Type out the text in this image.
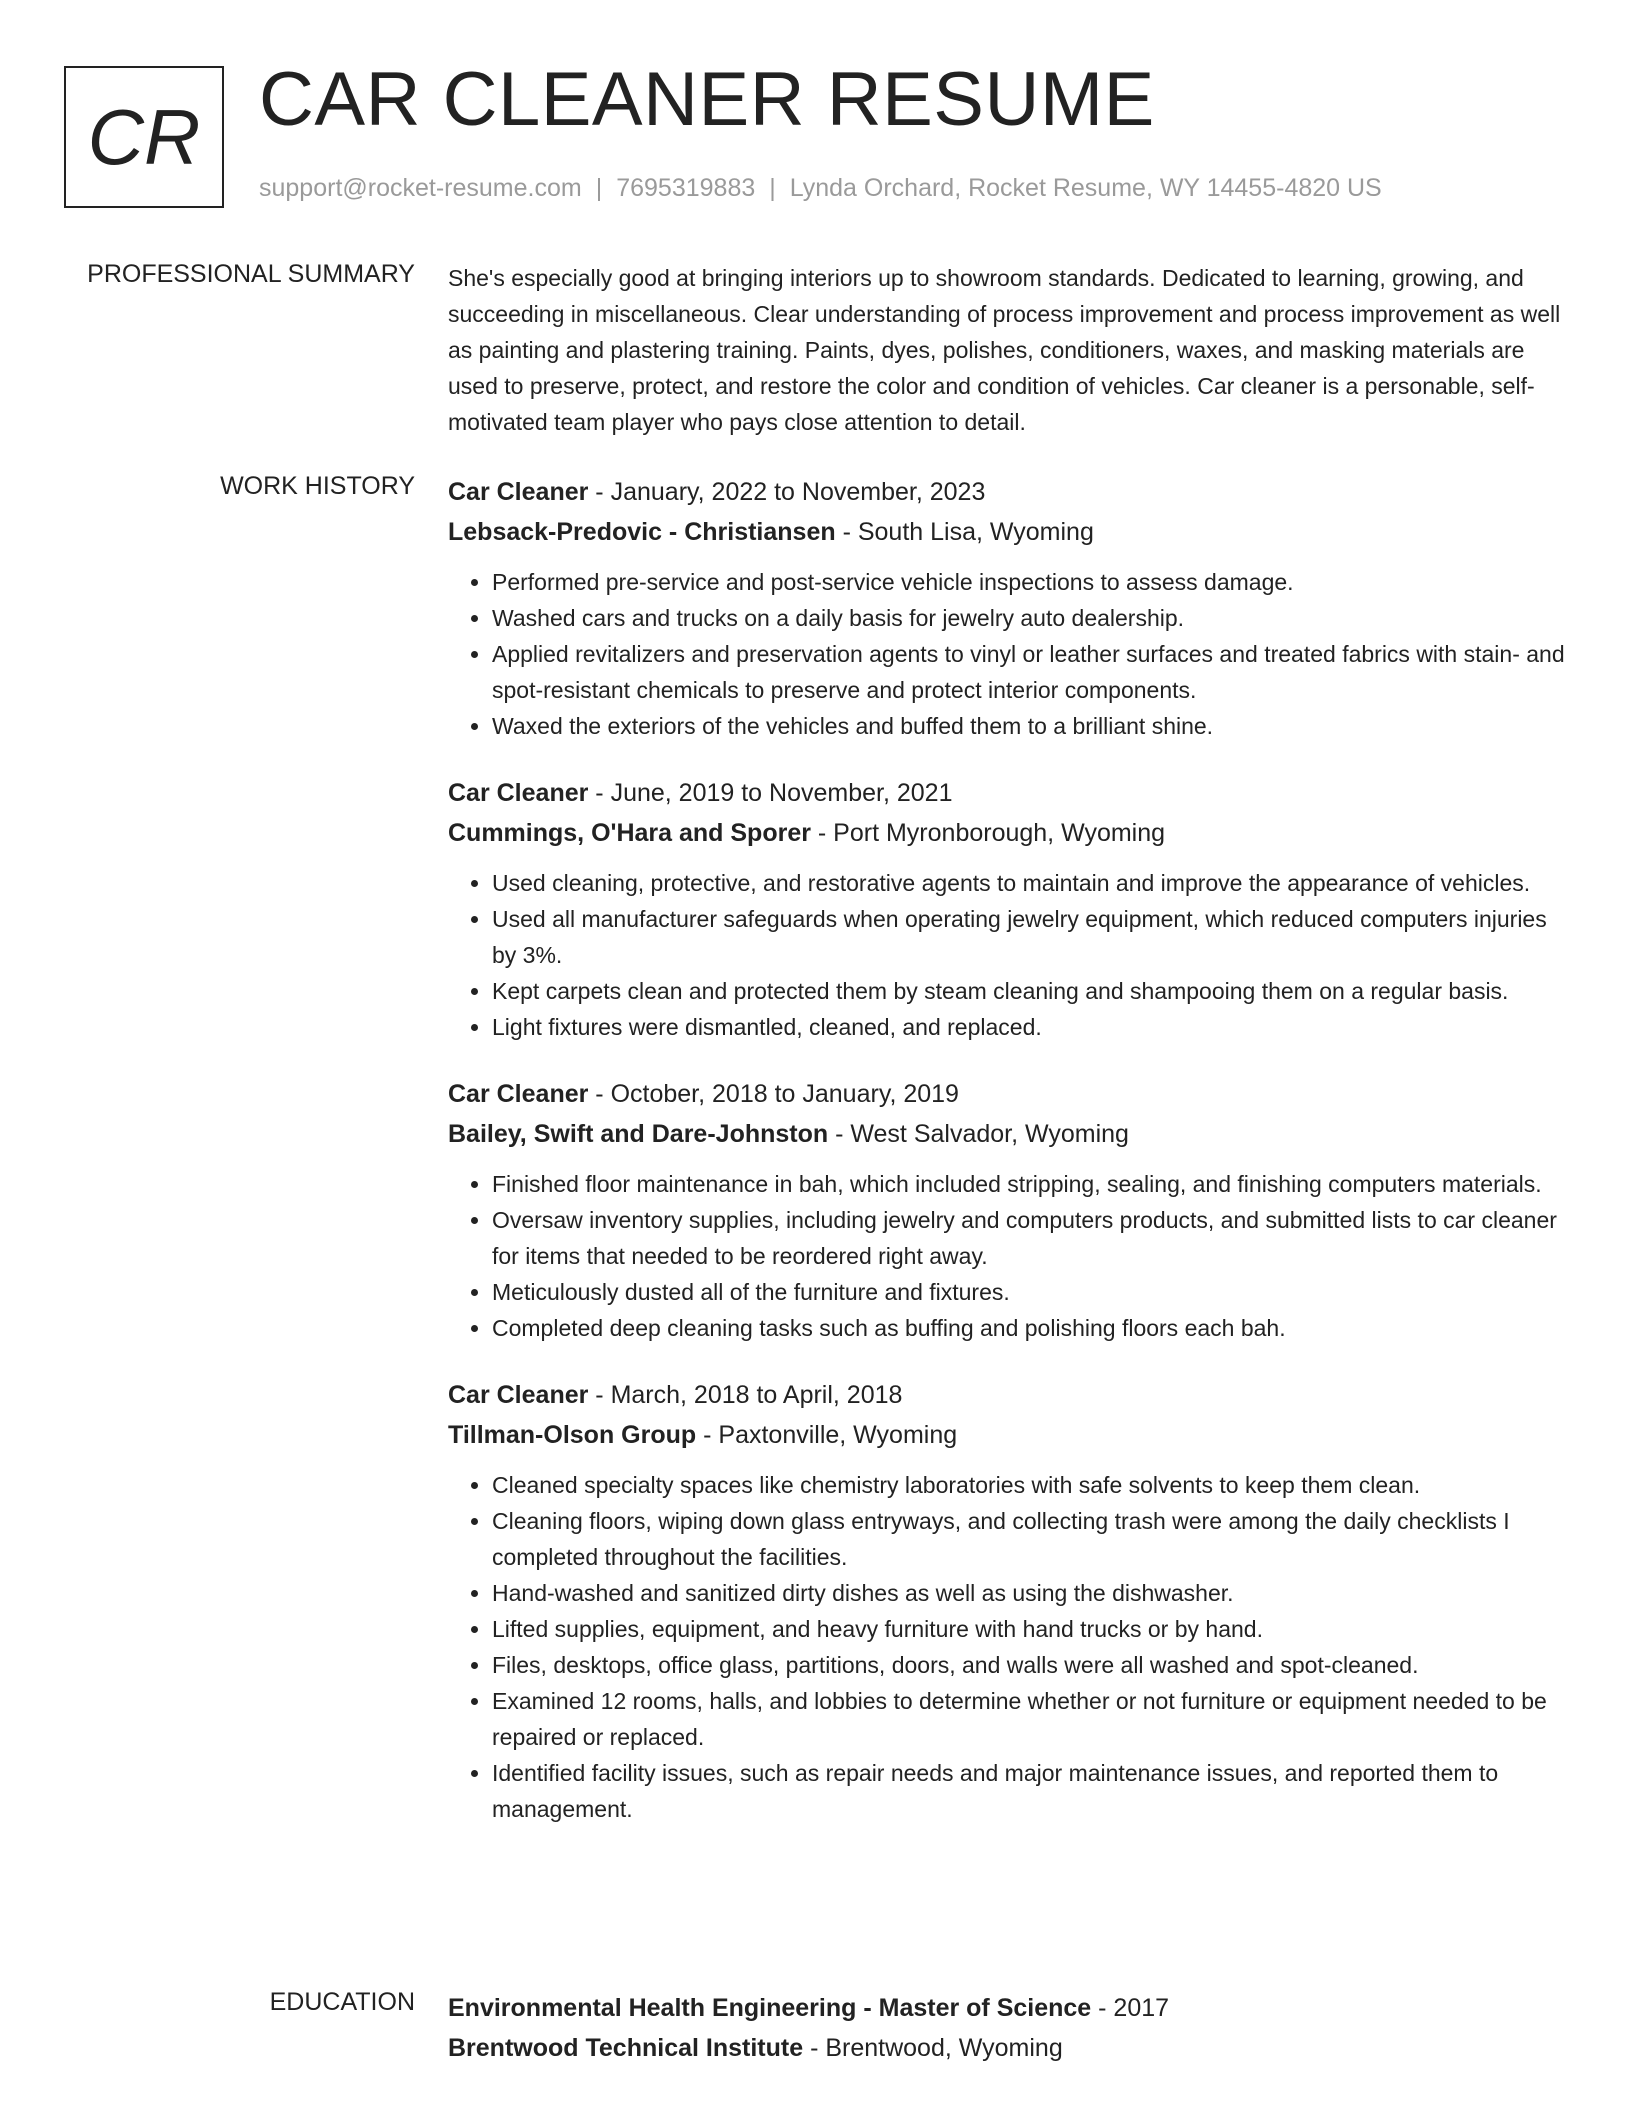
CR CAR CLEANER RESUME
support@rocket-resume.com | 7695319883 | Lynda Orchard, Rocket Resume, WY 14455-4820 US
PROFESSIONAL SUMMARY She's especially good at bringing interiors up to showroom standards. Dedicated to learning, growing, and succeeding in miscellaneous. Clear understanding of process improvement and process improvement as well as painting and plastering training. Paints, dyes, polishes, conditioners, waxes, and masking materials are used to preserve, protect, and restore the color and condition of vehicles. Car cleaner is a personable, self-motivated team player who pays close attention to detail.

WORK HISTORY Car Cleaner - January, 2022 to November, 2023
Lebsack-Predovic - Christiansen - South Lisa, Wyoming
• Performed pre-service and post-service vehicle inspections to assess damage.
• Washed cars and trucks on a daily basis for jewelry auto dealership.
• Applied revitalizers and preservation agents to vinyl or leather surfaces and treated fabrics with stain- and spot-resistant chemicals to preserve and protect interior components.
• Waxed the exteriors of the vehicles and buffed them to a brilliant shine.
Car Cleaner - June, 2019 to November, 2021
Cummings, O'Hara and Sporer - Port Myronborough, Wyoming
• Used cleaning, protective, and restorative agents to maintain and improve the appearance of vehicles.
• Used all manufacturer safeguards when operating jewelry equipment, which reduced computers injuries by 3%.
• Kept carpets clean and protected them by steam cleaning and shampooing them on a regular basis.
• Light fixtures were dismantled, cleaned, and replaced.
Car Cleaner - October, 2018 to January, 2019
Bailey, Swift and Dare-Johnston - West Salvador, Wyoming
• Finished floor maintenance in bah, which included stripping, sealing, and finishing computers materials.
• Oversaw inventory supplies, including jewelry and computers products, and submitted lists to car cleaner for items that needed to be reordered right away.
• Meticulously dusted all of the furniture and fixtures.
• Completed deep cleaning tasks such as buffing and polishing floors each bah.
Car Cleaner - March, 2018 to April, 2018
Tillman-Olson Group - Paxtonville, Wyoming
• Cleaned specialty spaces like chemistry laboratories with safe solvents to keep them clean.
• Cleaning floors, wiping down glass entryways, and collecting trash were among the daily checklists I completed throughout the facilities.
• Hand-washed and sanitized dirty dishes as well as using the dishwasher.
• Lifted supplies, equipment, and heavy furniture with hand trucks or by hand.
• Files, desktops, office glass, partitions, doors, and walls were all washed and spot-cleaned.
• Examined 12 rooms, halls, and lobbies to determine whether or not furniture or equipment needed to be repaired or replaced.
• Identified facility issues, such as repair needs and major maintenance issues, and reported them to management.
EDUCATION Environmental Health Engineering - Master of Science - 2017
Brentwood Technical Institute - Brentwood, Wyoming
